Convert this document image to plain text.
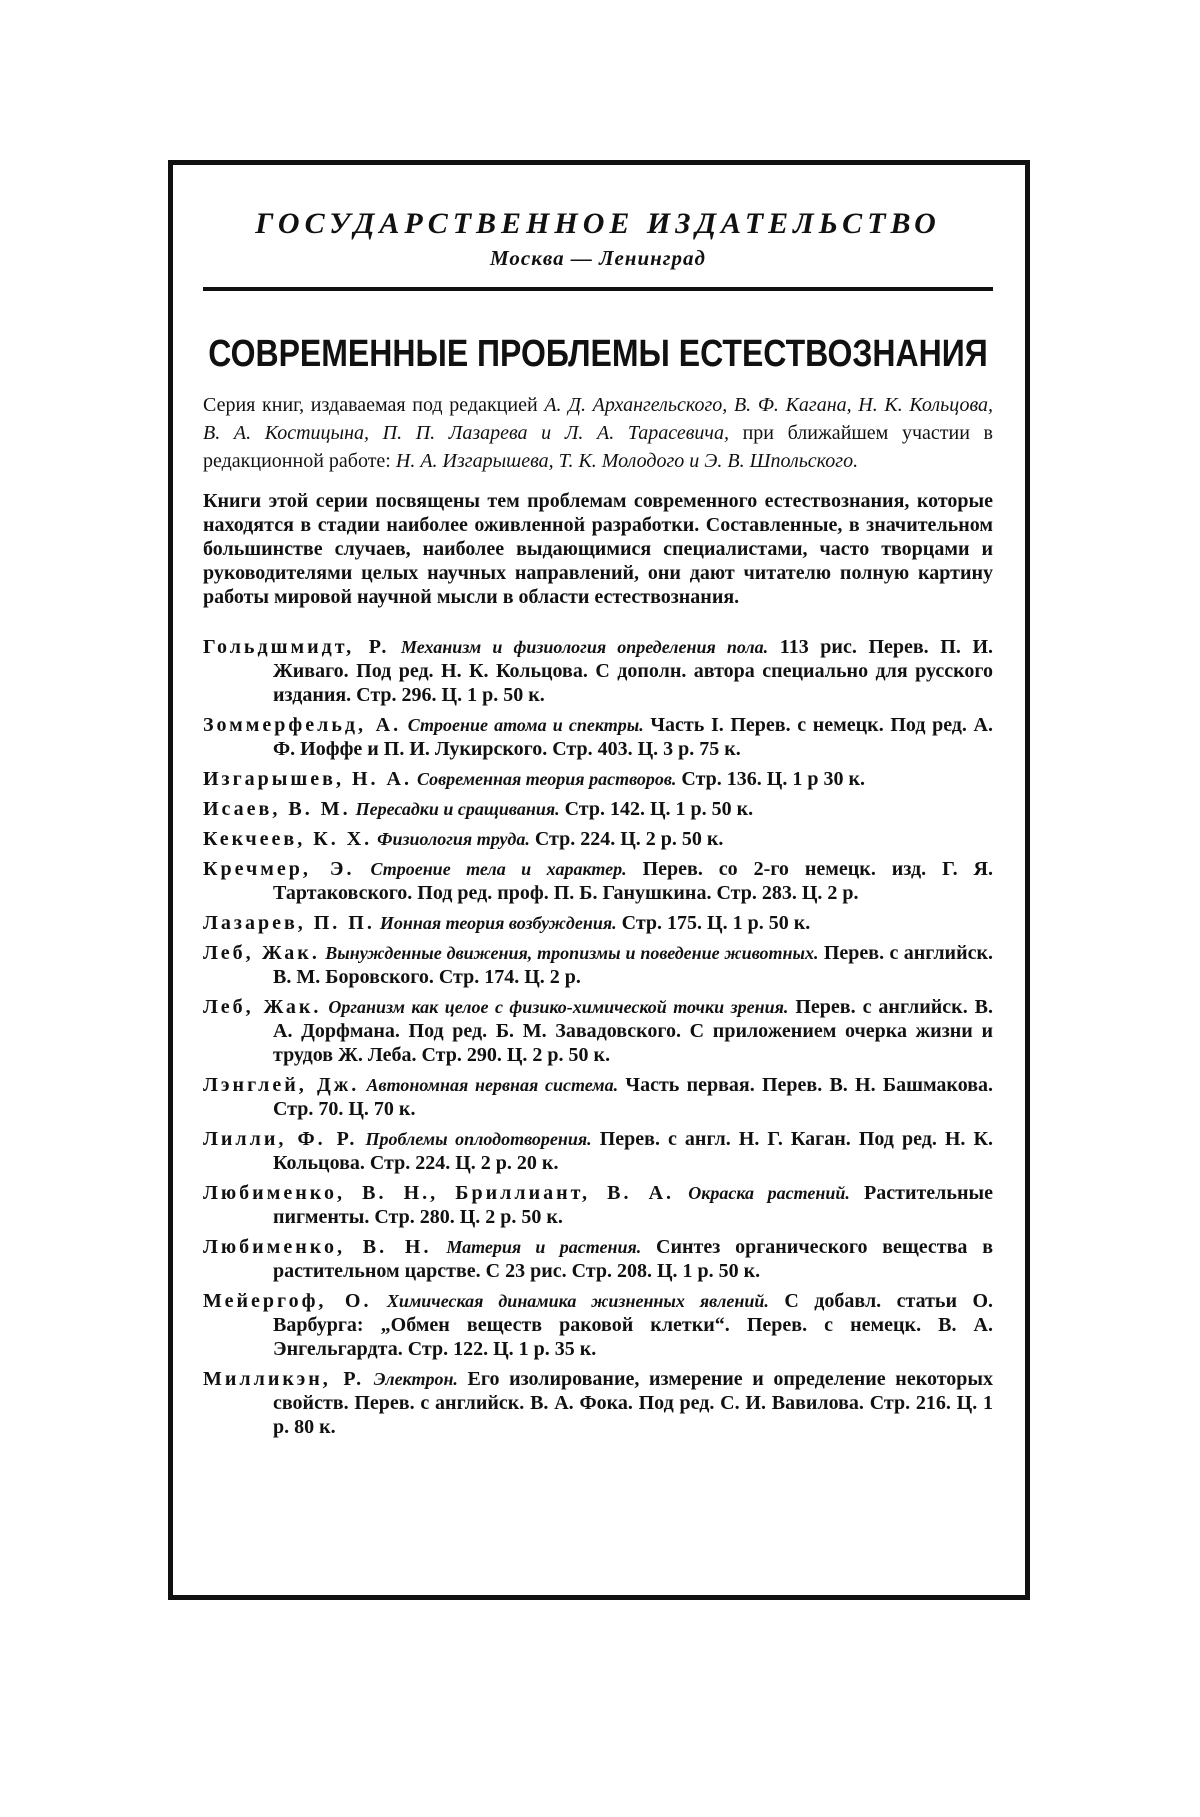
ГОСУДАРСТВЕННОЕ ИЗДАТЕЛЬСТВО
Москва — Ленинград
СОВРЕМЕННЫЕ ПРОБЛЕМЫ ЕСТЕСТВОЗНАНИЯ

Серия книг, издаваемая под редакцией А. Д. Архангельского, В. Ф. Кагана, Н. К. Кольцова, В. А. Костицына, П. П. Лазарева и Л. А. Тарасевича, при ближайшем участии в редакционной работе: Н. А. Изгарышева, Т. К. Молодого и Э. В. Шпольского.

Книги этой серии посвящены тем проблемам современного естествознания, которые находятся в стадии наиболее оживленной разработки. Составленные, в значительном большинстве случаев, наиболее выдающимися специалистами, часто творцами и руководителями целых научных направлений, они дают читателю полную картину работы мировой научной мысли в области естествознания.
Гольдшмидт, Р. Механизм и физиология определения пола. 113 рис. Перев. П. И. Живаго. Под ред. Н. К. Кольцова. С дополн. автора специально для русского издания. Стр. 296. Ц. 1 р. 50 к.
Зоммерфельд, А. Строение атома и спектры. Часть I. Перев. с немецк. Под ред. А. Ф. Иоффе и П. И. Лукирского. Стр. 403. Ц. 3 р. 75 к.
Изгарышев, Н. А. Современная теория растворов. Стр. 136. Ц. 1 р 30 к.
Исаев, В. М. Пересадки и сращивания. Стр. 142. Ц. 1 р. 50 к.
Кекчеев, К. Х. Физиология труда. Стр. 224. Ц. 2 р. 50 к.
Кречмер, Э. Строение тела и характер. Перев. со 2-го немецк. изд. Г. Я. Тартаковского. Под ред. проф. П. Б. Ганушкина. Стр. 283. Ц. 2 р.
Лазарев, П. П. Ионная теория возбуждения. Стр. 175. Ц. 1 р. 50 к.
Леб, Жак. Вынужденные движения, тропизмы и поведение животных. Перев. с английск. В. М. Боровского. Стр. 174. Ц. 2 р.
Леб, Жак. Организм как целое с физико-химической точки зрения. Перев. с английск. В. А. Дорфмана. Под ред. Б. М. Завадовского. С приложением очерка жизни и трудов Ж. Леба. Стр. 290. Ц. 2 р. 50 к.
Лэнглей, Дж. Автономная нервная система. Часть первая. Перев. В. Н. Башмакова. Стр. 70. Ц. 70 к.
Лилли, Ф. Р. Проблемы оплодотворения. Перев. с англ. Н. Г. Каган. Под ред. Н. К. Кольцова. Стр. 224. Ц. 2 р. 20 к.
Любименко, В. Н., Бриллиант, В. А. Окраска растений. Растительные пигменты. Стр. 280. Ц. 2 р. 50 к.
Любименко, В. Н. Материя и растения. Синтез органического вещества в растительном царстве. С 23 рис. Стр. 208. Ц. 1 р. 50 к.
Мейергоф, О. Химическая динамика жизненных явлений. С добавл. статьи О. Варбурга: „Обмен веществ раковой клетки“. Перев. с немецк. В. А. Энгельгардта. Стр. 122. Ц. 1 р. 35 к.
Милликэн, Р. Электрон. Его изолирование, измерение и определение некоторых свойств. Перев. с английск. В. А. Фока. Под ред. С. И. Вавилова. Стр. 216. Ц. 1 р. 80 к.
